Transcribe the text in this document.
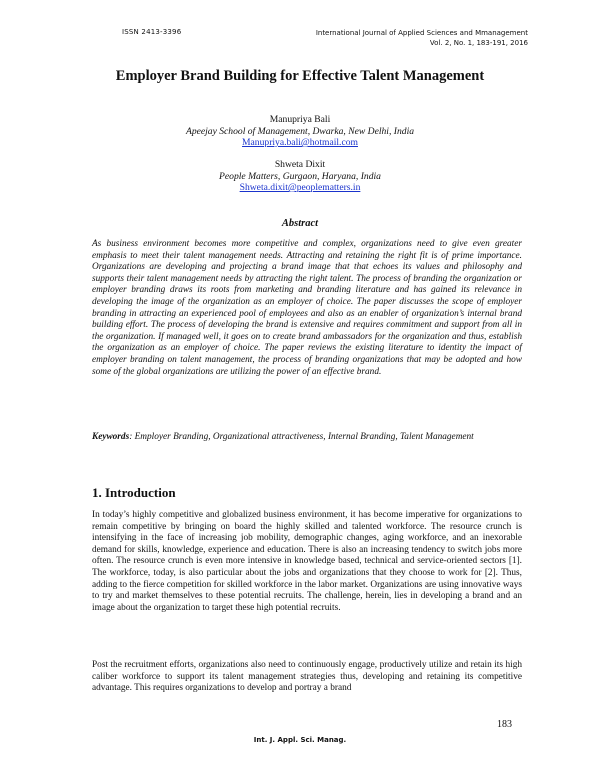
ISSN 2413-3396	International Journal of Applied Sciences and Mmanagement
Vol. 2, No. 1, 183-191, 2016
Employer Brand Building for Effective Talent Management
Manupriya Bali
Apeejay School of Management, Dwarka, New Delhi, India
Manupriya.bali@hotmail.com
Shweta Dixit
People Matters, Gurgaon, Haryana, India
Shweta.dixit@peoplematters.in
Abstract

As business environment becomes more competitive and complex, organizations need to give even greater emphasis to meet their talent management needs. Attracting and retaining the right fit is of prime importance. Organizations are developing and projecting a brand image that that echoes its values and philosophy and supports their talent management needs by attracting the right talent. The process of branding the organization or employer branding draws its roots from marketing and branding literature and has gained its relevance in developing the image of the organization as an employer of choice. The paper discusses the scope of employer branding in attracting an experienced pool of employees and also as an enabler of organization’s internal brand building effort. The process of developing the brand is extensive and requires commitment and support from all in the organization. If managed well, it goes on to create brand ambassadors for the organization and thus, establish the organization as an employer of choice. The paper reviews the existing literature to identity the impact of employer branding on talent management, the process of branding organizations that may be adopted and how some of the global organizations are utilizing the power of an effective brand.

Keywords: Employer Branding, Organizational attractiveness, Internal Branding, Talent Management

1. Introduction

In today’s highly competitive and globalized business environment, it has become imperative for organizations to remain competitive by bringing on board the highly skilled and talented workforce. The resource crunch is intensifying in the face of increasing job mobility, demographic changes, aging workforce, and an inexorable demand for skills, knowledge, experience and education. There is also an increasing tendency to switch jobs more often. The resource crunch is even more intensive in knowledge based, technical and service-oriented sectors [1]. The workforce, today, is also particular about the jobs and organizations that they choose to work for [2]. Thus, adding to the fierce competition for skilled workforce in the labor market. Organizations are using innovative ways to try and market themselves to these potential recruits. The challenge, herein, lies in developing a brand and an image about the organization to target these high potential recruits.

Post the recruitment efforts, organizations also need to continuously engage, productively utilize and retain its high caliber workforce to support its talent management strategies thus, developing and retaining its competitive advantage. This requires organizations to develop and portray a brand

183
Int. J. Appl. Sci. Manag.
